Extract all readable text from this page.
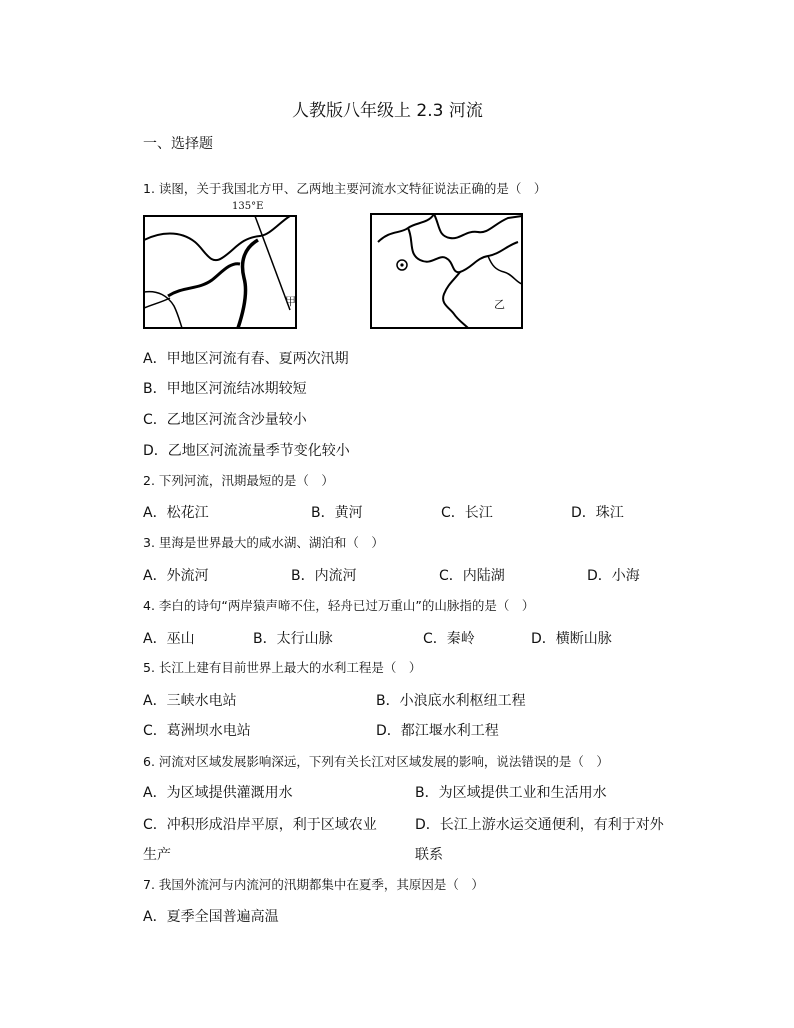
人教版八年级上 2.3 河流
一、选择题
1. 读图，关于我国北方甲、乙两地主要河流水文特征说法正确的是（　）
135°E
甲	乙
A．甲地区河流有春、夏两次汛期
B．甲地区河流结冰期较短
C．乙地区河流含沙量较小
D．乙地区河流流量季节变化较小
2. 下列河流，汛期最短的是（　）
A．松花江	B．黄河	C．长江	D．珠江
3. 里海是世界最大的咸水湖、湖泊和（　）
A．外流河	B．内流河	C．内陆湖	D．小海
4. 李白的诗句“两岸猿声啼不住，轻舟已过万重山”的山脉指的是（　）
A．巫山	B．太行山脉	C．秦岭	D．横断山脉
5. 长江上建有目前世界上最大的水利工程是（　）
A．三峡水电站	B．小浪底水利枢纽工程
C．葛洲坝水电站	D．都江堰水利工程
6. 河流对区域发展影响深远，下列有关长江对区域发展的影响，说法错误的是（　）
A．为区域提供灌溉用水	B．为区域提供工业和生活用水
C．冲积形成沿岸平原，利于区域农业
生产
D．长江上游水运交通便利，有利于对外
联系
7. 我国外流河与内流河的汛期都集中在夏季，其原因是（　）
A．夏季全国普遍高温
